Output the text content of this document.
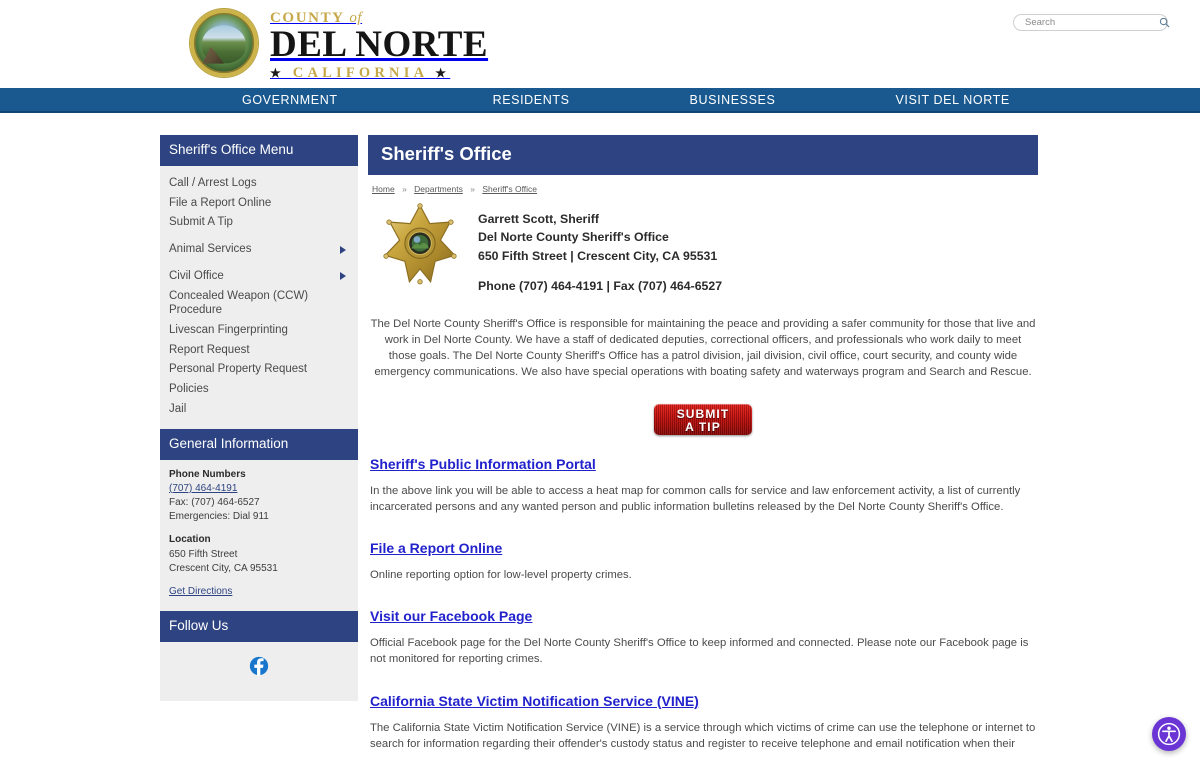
COUNTY of
DEL NORTE
★ CALIFORNIA ★
Search
GOVERNMENT	RESIDENTS	BUSINESSES	VISIT DEL NORTE
Sheriff's Office Menu
Call / Arrest Logs
File a Report Online
Submit A Tip
Animal Services
Civil Office
Concealed Weapon (CCW) Procedure
Livescan Fingerprinting
Report Request
Personal Property Request
Policies
Jail
General Information
Phone Numbers
(707) 464-4191
Fax: (707) 464-6527
Emergencies: Dial 911
Location
650 Fifth Street
Crescent City, CA 95531
Get Directions
Follow Us
Sheriff's Office
Home » Departments » Sheriff's Office
Garrett Scott, Sheriff
Del Norte County Sheriff's Office
650 Fifth Street | Crescent City, CA 95531
Phone (707) 464-4191 | Fax (707) 464-6527

The Del Norte County Sheriff's Office is responsible for maintaining the peace and providing a safer community for those that live and work in Del Norte County. We have a staff of dedicated deputies, correctional officers, and professionals who work daily to meet those goals. The Del Norte County Sheriff's Office has a patrol division, jail division, civil office, court security, and county wide emergency communications. We also have special operations with boating safety and waterways program and Search and Rescue.

SUBMIT
A TIP
Sheriff's Public Information Portal

In the above link you will be able to access a heat map for common calls for service and law enforcement activity, a list of currently incarcerated persons and any wanted person and public information bulletins released by the Del Norte County Sheriff's Office.

File a Report Online

Online reporting option for low-level property crimes.

Visit our Facebook Page

Official Facebook page for the Del Norte County Sheriff's Office to keep informed and connected. Please note our Facebook page is not monitored for reporting crimes.

California State Victim Notification Service (VINE)

The California State Victim Notification Service (VINE) is a service through which victims of crime can use the telephone or internet to search for information regarding their offender's custody status and register to receive telephone and email notification when their
